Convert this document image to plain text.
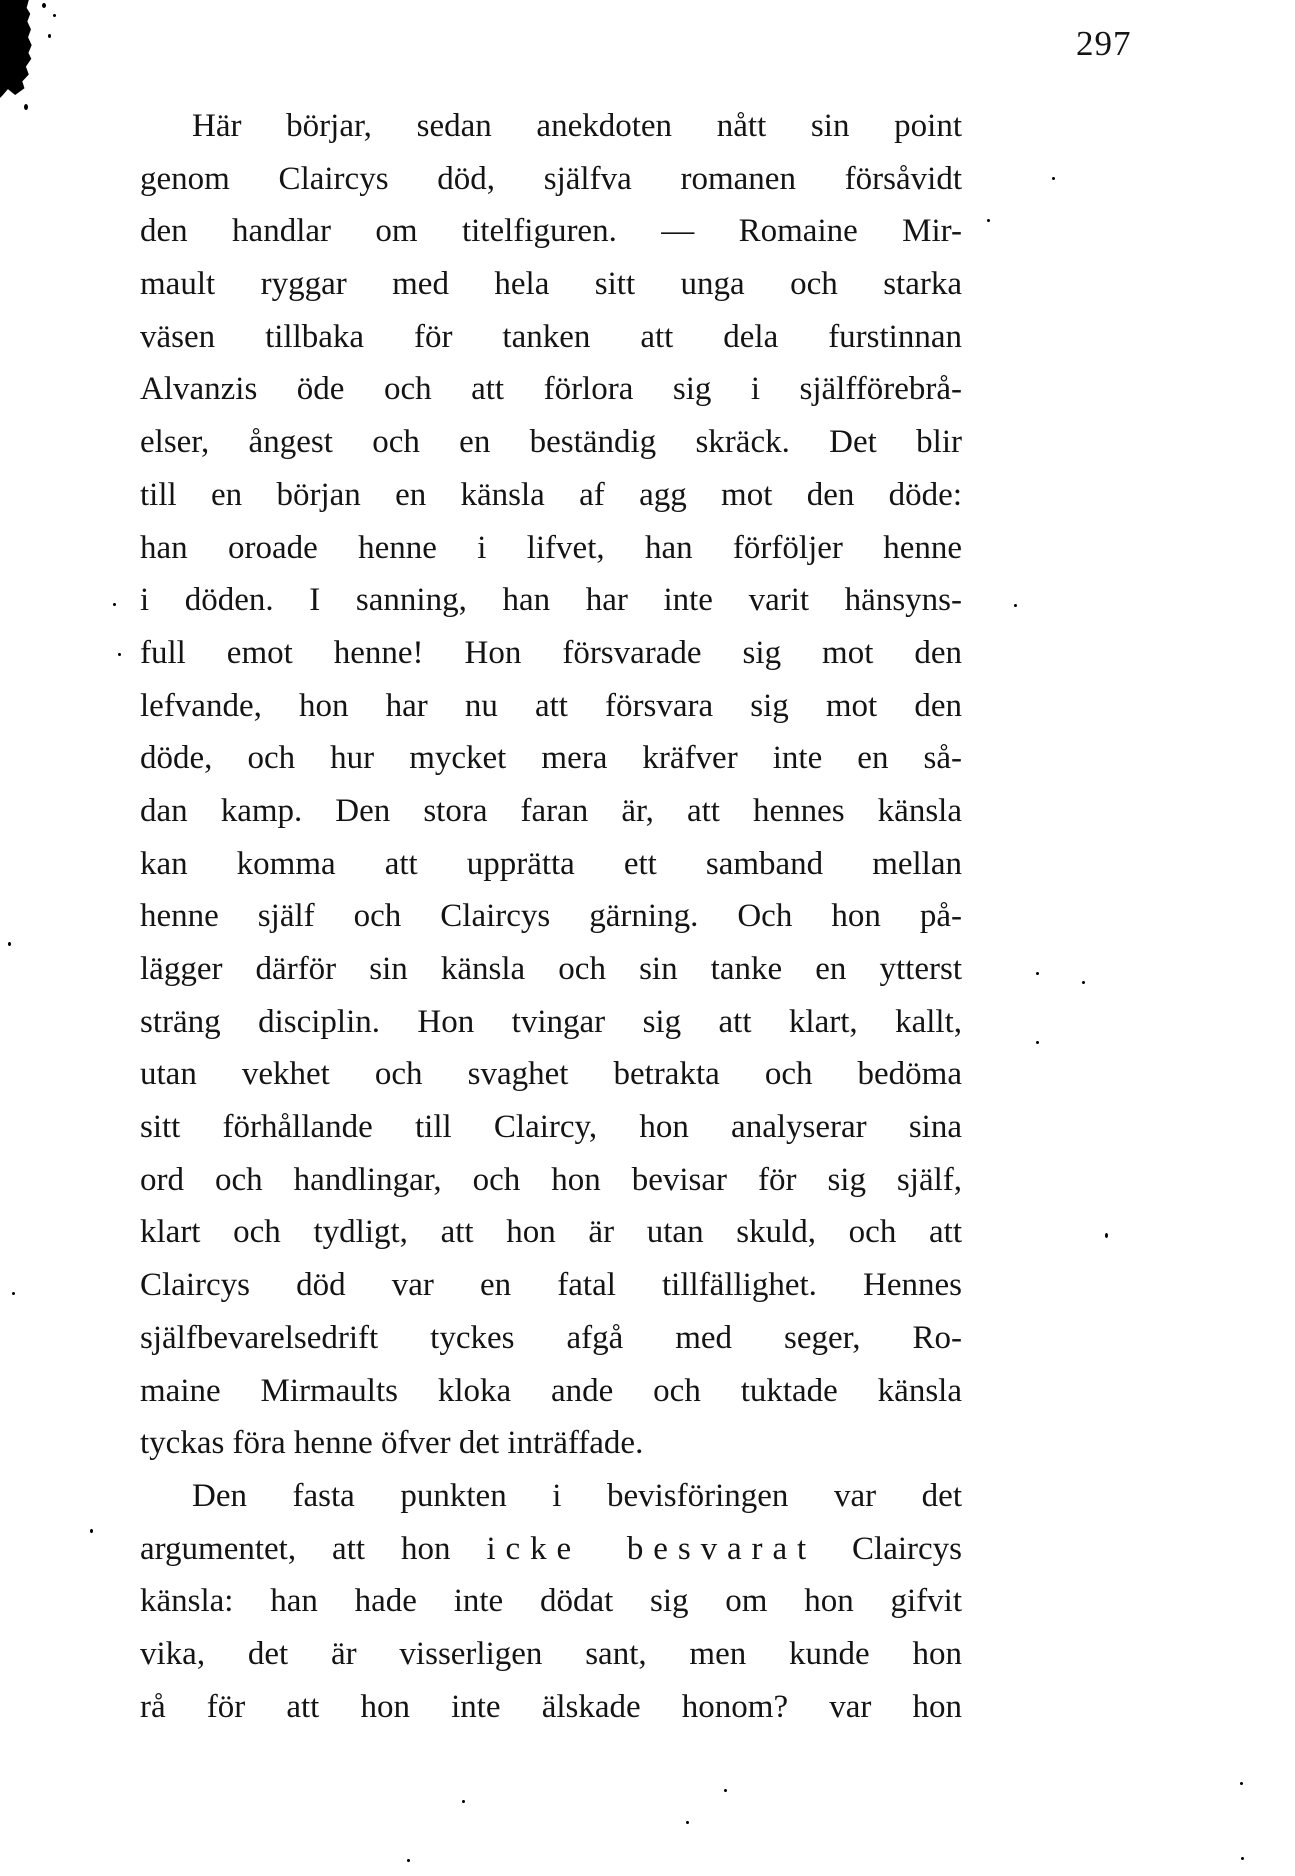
297
Här börjar, sedan anekdoten nått sin point
genom Claircys död, själfva romanen försåvidt
den handlar om titelfiguren. — Romaine Mir-
mault ryggar med hela sitt unga och starka
väsen tillbaka för tanken att dela furstinnan
Alvanzis öde och att förlora sig i själfförebrå-
elser, ångest och en beständig skräck. Det blir
till en början en känsla af agg mot den döde:
han oroade henne i lifvet, han förföljer henne
i döden. I sanning, han har inte varit hänsyns-
full emot henne! Hon försvarade sig mot den
lefvande, hon har nu att försvara sig mot den
döde, och hur mycket mera kräfver inte en så-
dan kamp. Den stora faran är, att hennes känsla
kan komma att upprätta ett samband mellan
henne själf och Claircys gärning. Och hon på-
lägger därför sin känsla och sin tanke en ytterst
sträng disciplin. Hon tvingar sig att klart, kallt,
utan vekhet och svaghet betrakta och bedöma
sitt förhållande till Claircy, hon analyserar sina
ord och handlingar, och hon bevisar för sig själf,
klart och tydligt, att hon är utan skuld, och att
Claircys död var en fatal tillfällighet. Hennes
själfbevarelsedrift tyckes afgå med seger, Ro-
maine Mirmaults kloka ande och tuktade känsla
tyckas föra henne öfver det inträffade.
Den fasta punkten i bevisföringen var det
argumentet, att hon icke besvarat Claircys
känsla: han hade inte dödat sig om hon gifvit
vika, det är visserligen sant, men kunde hon
rå för att hon inte älskade honom? var hon
